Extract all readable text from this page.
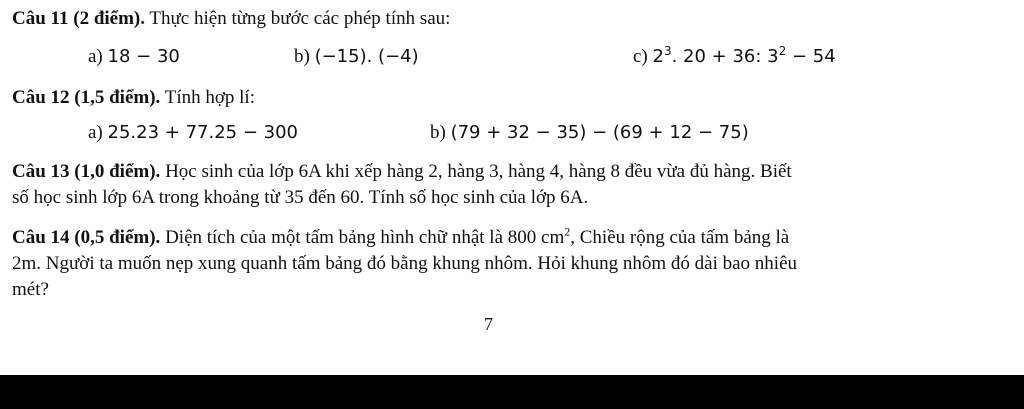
Câu 11 (2 điểm). Thực hiện từng bước các phép tính sau:
a) 18 − 30	b) (−15). (−4)	c) $2^3$. 20 + 36: $3^2 - 54$
Câu 12 (1,5 điểm). Tính hợp lí:
a) 25.23 + 77.25 − 300	b) (79 + 32 − 35) − (69 + 12 − 75)
Câu 13 (1,0 điểm). Học sinh của lớp 6A khi xếp hàng 2, hàng 3, hàng 4, hàng 8 đều vừa đủ hàng. Biết
số học sinh lớp 6A trong khoảng từ 35 đến 60. Tính số học sinh của lớp 6A.
Câu 14 (0,5 điểm). Diện tích của một tấm bảng hình chữ nhật là 800 $cm^2$, Chiều rộng của tấm bảng là
2m. Người ta muốn nẹp xung quanh tấm bảng đó bằng khung nhôm. Hỏi khung nhôm đó dài bao nhiêu
mét?
7
